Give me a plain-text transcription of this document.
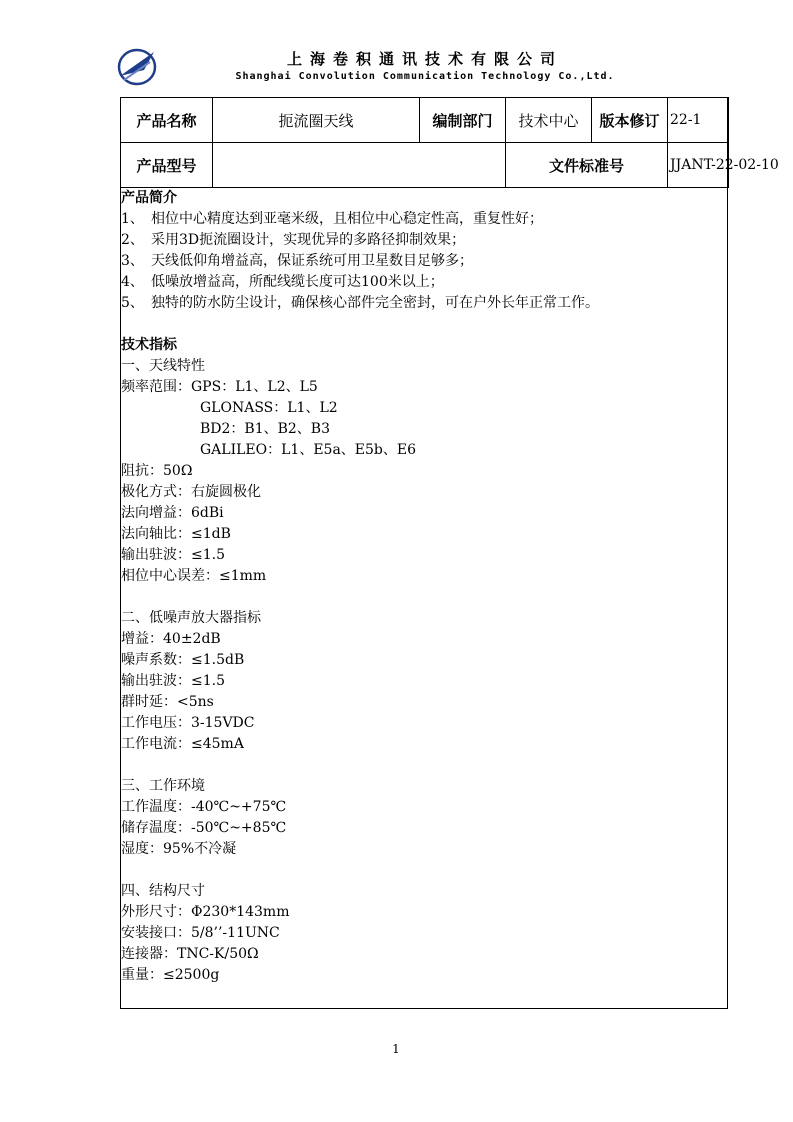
上海卷积通讯技术有限公司
Shanghai Convolution Communication Technology Co.,Ltd.
产品名称	扼流圈天线	编制部门	技术中心	版本修订	22-1
产品型号			文件标准号		JJANT-22-02-10
产品简介
1、 相位中心精度达到亚毫米级，且相位中心稳定性高，重复性好；
2、 采用3D扼流圈设计，实现优异的多路径抑制效果；
3、 天线低仰角增益高，保证系统可用卫星数目足够多；
4、 低噪放增益高，所配线缆长度可达100米以上；
5、 独特的防水防尘设计，确保核心部件完全密封，可在户外长年正常工作。
技术指标
一、天线特性
频率范围：GPS：L1、L2、L5
GLONASS：L1、L2
BD2：B1、B2、B3
GALILEO：L1、E5a、E5b、E6
阻抗：50Ω
极化方式：右旋圆极化
法向增益：6dBi
法向轴比：≤1dB
输出驻波：≤1.5
相位中心误差：≤1mm
二、低噪声放大器指标
增益：40±2dB
噪声系数：≤1.5dB
输出驻波：≤1.5
群时延：<5ns
工作电压：3-15VDC
工作电流：≤45mA
三、工作环境
工作温度：-40℃~+75℃
储存温度：-50℃~+85℃
湿度：95%不冷凝
四、结构尺寸
外形尺寸：Φ230*143mm
安装接口：5/8’’-11UNC
连接器：TNC-K/50Ω
重量：≤2500g
1
